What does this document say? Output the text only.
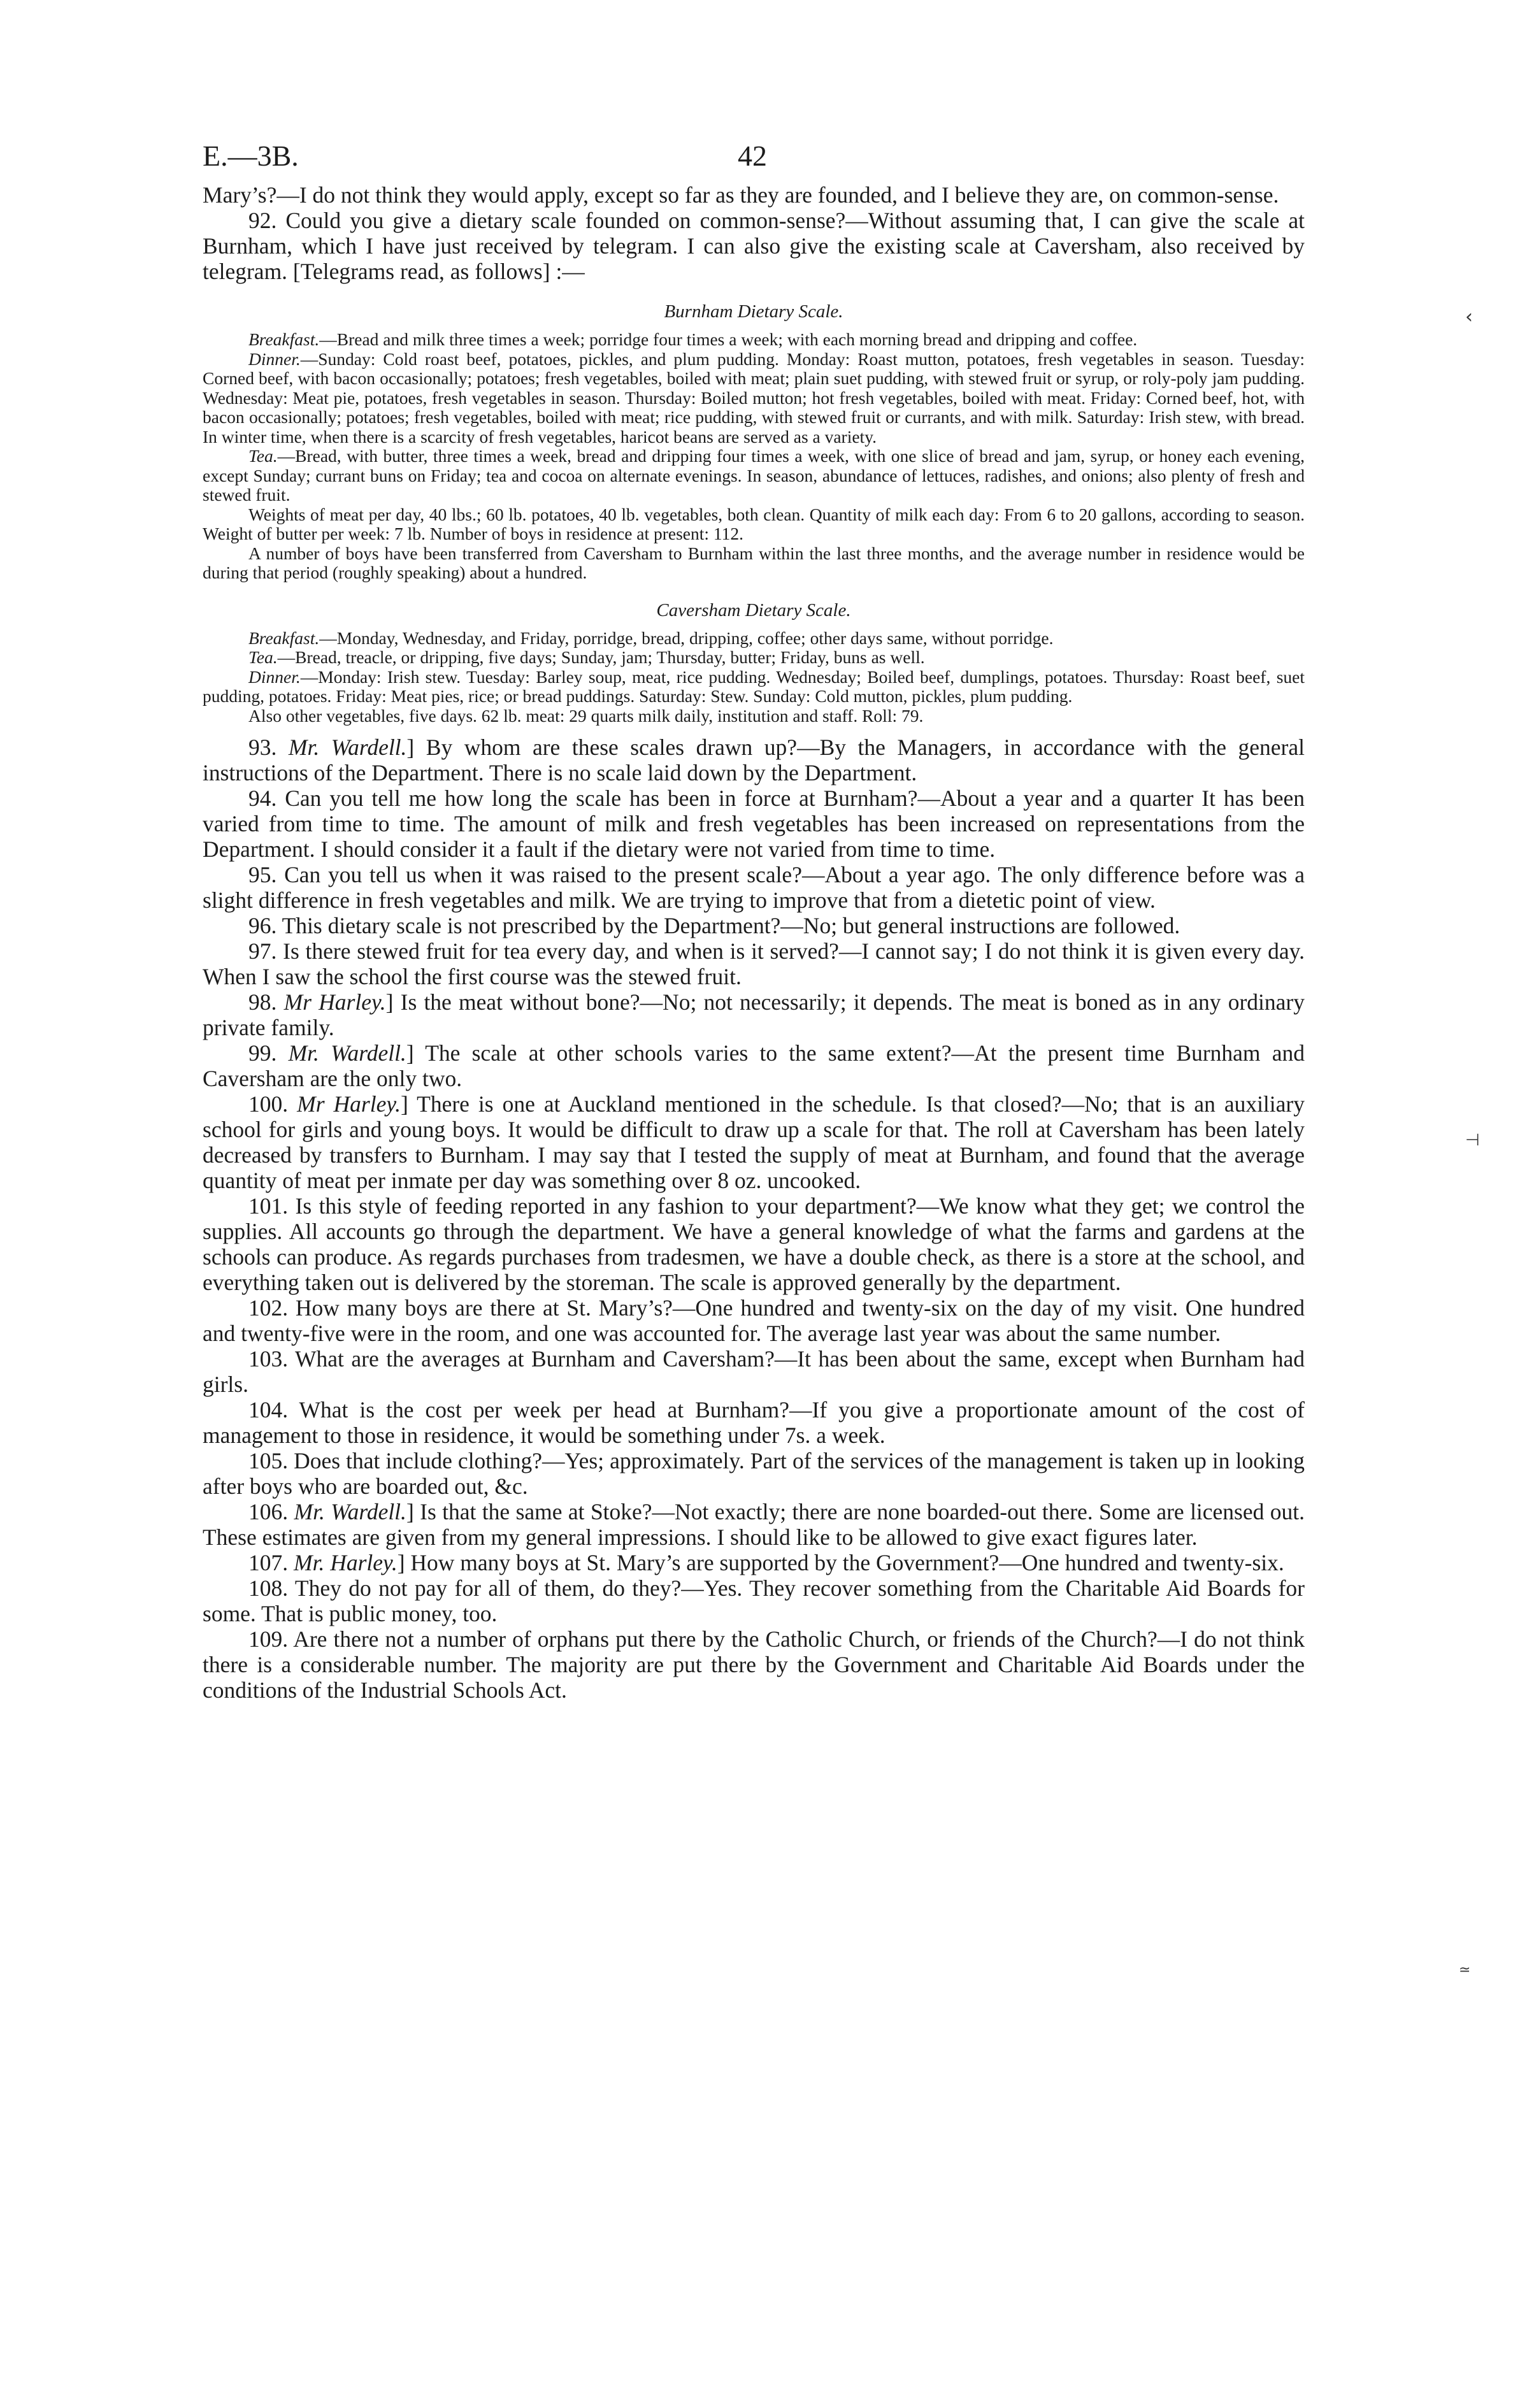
‹
⊣
≃
E.—3B.	42

Mary’s?—I do not think they would apply, except so far as they are founded, and I believe they are, on common-sense.

92. Could you give a dietary scale founded on common-sense?—Without assuming that, I can give the scale at Burnham, which I have just received by telegram. I can also give the existing scale at Caversham, also received by telegram. [Telegrams read, as follows] :—

Burnham Dietary Scale.

Breakfast.—Bread and milk three times a week; porridge four times a week; with each morning bread and dripping and coffee.

Dinner.—Sunday: Cold roast beef, potatoes, pickles, and plum pudding. Monday: Roast mutton, potatoes, fresh vegetables in season. Tuesday: Corned beef, with bacon occasionally; potatoes; fresh vegetables, boiled with meat; plain suet pudding, with stewed fruit or syrup, or roly-poly jam pudding. Wednesday: Meat pie, potatoes, fresh vegetables in season. Thursday: Boiled mutton; hot fresh vegetables, boiled with meat. Friday: Corned beef, hot, with bacon occasionally; potatoes; fresh vegetables, boiled with meat; rice pudding, with stewed fruit or currants, and with milk. Saturday: Irish stew, with bread. In winter time, when there is a scarcity of fresh vegetables, haricot beans are served as a variety.

Tea.—Bread, with butter, three times a week, bread and dripping four times a week, with one slice of bread and jam, syrup, or honey each evening, except Sunday; currant buns on Friday; tea and cocoa on alternate evenings. In season, abundance of lettuces, radishes, and onions; also plenty of fresh and stewed fruit.

Weights of meat per day, 40 lbs.; 60 lb. potatoes, 40 lb. vegetables, both clean. Quantity of milk each day: From 6 to 20 gallons, according to season. Weight of butter per week: 7 lb. Number of boys in residence at present: 112.

A number of boys have been transferred from Caversham to Burnham within the last three months, and the average number in residence would be during that period (roughly speaking) about a hundred.

Caversham Dietary Scale.

Breakfast.—Monday, Wednesday, and Friday, porridge, bread, dripping, coffee; other days same, without porridge.

Tea.—Bread, treacle, or dripping, five days; Sunday, jam; Thursday, butter; Friday, buns as well.

Dinner.—Monday: Irish stew. Tuesday: Barley soup, meat, rice pudding. Wednesday; Boiled beef, dumplings, potatoes. Thursday: Roast beef, suet pudding, potatoes. Friday: Meat pies, rice; or bread puddings. Saturday: Stew. Sunday: Cold mutton, pickles, plum pudding.

Also other vegetables, five days. 62 lb. meat: 29 quarts milk daily, institution and staff. Roll: 79.

93. Mr. Wardell.] By whom are these scales drawn up?—By the Managers, in accordance with the general instructions of the Department. There is no scale laid down by the Department.

94. Can you tell me how long the scale has been in force at Burnham?—About a year and a quarter It has been varied from time to time. The amount of milk and fresh vegetables has been increased on representations from the Department. I should consider it a fault if the dietary were not varied from time to time.

95. Can you tell us when it was raised to the present scale?—About a year ago. The only difference before was a slight difference in fresh vegetables and milk. We are trying to improve that from a dietetic point of view.

96. This dietary scale is not prescribed by the Department?—No; but general instructions are followed.

97. Is there stewed fruit for tea every day, and when is it served?—I cannot say; I do not think it is given every day. When I saw the school the first course was the stewed fruit.

98. Mr Harley.] Is the meat without bone?—No; not necessarily; it depends. The meat is boned as in any ordinary private family.

99. Mr. Wardell.] The scale at other schools varies to the same extent?—At the present time Burnham and Caversham are the only two.

100. Mr Harley.] There is one at Auckland mentioned in the schedule. Is that closed?—No; that is an auxiliary school for girls and young boys. It would be difficult to draw up a scale for that. The roll at Caversham has been lately decreased by transfers to Burnham. I may say that I tested the supply of meat at Burnham, and found that the average quantity of meat per inmate per day was something over 8 oz. uncooked.

101. Is this style of feeding reported in any fashion to your department?—We know what they get; we control the supplies. All accounts go through the department. We have a general knowledge of what the farms and gardens at the schools can produce. As regards purchases from tradesmen, we have a double check, as there is a store at the school, and everything taken out is delivered by the storeman. The scale is approved generally by the department.

102. How many boys are there at St. Mary’s?—One hundred and twenty-six on the day of my visit. One hundred and twenty-five were in the room, and one was accounted for. The average last year was about the same number.

103. What are the averages at Burnham and Caversham?—It has been about the same, except when Burnham had girls.

104. What is the cost per week per head at Burnham?—If you give a proportionate amount of the cost of management to those in residence, it would be something under 7s. a week.

105. Does that include clothing?—Yes; approximately. Part of the services of the management is taken up in looking after boys who are boarded out, &c.

106. Mr. Wardell.] Is that the same at Stoke?—Not exactly; there are none boarded-out there. Some are licensed out. These estimates are given from my general impressions. I should like to be allowed to give exact figures later.

107. Mr. Harley.] How many boys at St. Mary’s are supported by the Government?—One hundred and twenty-six.

108. They do not pay for all of them, do they?—Yes. They recover something from the Charitable Aid Boards for some. That is public money, too.

109. Are there not a number of orphans put there by the Catholic Church, or friends of the Church?—I do not think there is a considerable number. The majority are put there by the Government and Charitable Aid Boards under the conditions of the Industrial Schools Act.
